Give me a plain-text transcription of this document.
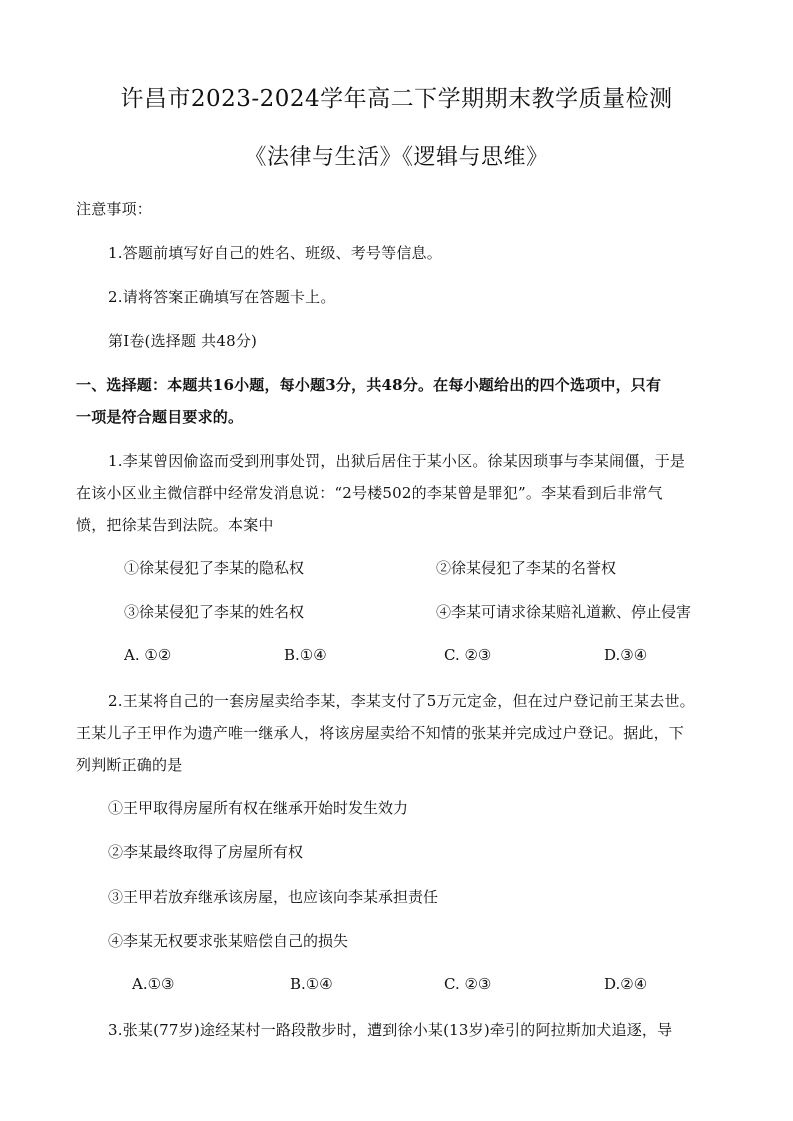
许昌市2023-2024学年高二下学期期末教学质量检测
《法律与生活》《逻辑与思维》
注意事项：
1.答题前填写好自己的姓名、班级、考号等信息。
2.请将答案正确填写在答题卡上。
第Ⅰ卷(选择题 共48分)
一、选择题：本题共16小题，每小题3分，共48分。在每小题给出的四个选项中，只有
一项是符合题目要求的。
1.李某曾因偷盗而受到刑事处罚，出狱后居住于某小区。徐某因琐事与李某闹僵，于是
在该小区业主微信群中经常发消息说：“2号楼502的李某曾是罪犯”。李某看到后非常气
愤，把徐某告到法院。本案中
①徐某侵犯了李某的隐私权	②徐某侵犯了李某的名誉权
③徐某侵犯了李某的姓名权	④李某可请求徐某赔礼道歉、停止侵害
A. ①②	B.①④	C. ②③	D.③④
2.王某将自己的一套房屋卖给李某，李某支付了5万元定金，但在过户登记前王某去世。
王某儿子王甲作为遗产唯一继承人，将该房屋卖给不知情的张某并完成过户登记。据此，下
列判断正确的是
①王甲取得房屋所有权在继承开始时发生效力
②李某最终取得了房屋所有权
③王甲若放弃继承该房屋，也应该向李某承担责任
④李某无权要求张某赔偿自己的损失
A.①③	B.①④	C. ②③	D.②④
3.张某(77岁)途经某村一路段散步时，遭到徐小某(13岁)牵引的阿拉斯加犬追逐，导
